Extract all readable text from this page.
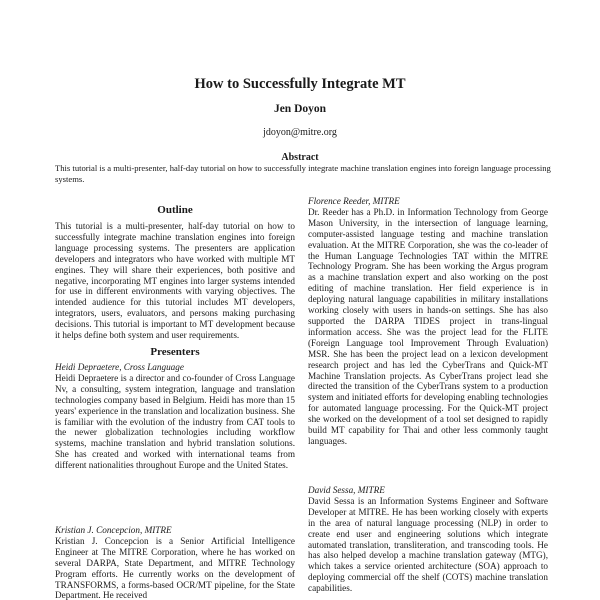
How to Successfully Integrate MT
Jen Doyon
jdoyon@mitre.org
Abstract
This tutorial is a multi-presenter, half-day tutorial on how to successfully integrate machine translation engines into foreign language processing systems.
Outline
This tutorial is a multi-presenter, half-day tutorial on how to successfully integrate machine translation engines into foreign language processing systems. The presenters are application developers and integrators who have worked with multiple MT engines. They will share their experiences, both positive and negative, incorporating MT engines into larger systems intended for use in different environments with varying objectives. The intended audience for this tutorial includes MT developers, integrators, users, evaluators, and persons making purchasing decisions. This tutorial is important to MT development because it helps define both system and user requirements.
Presenters
Heidi Depraetere, Cross Language
Heidi Depraetere is a director and co-founder of Cross Language Nv, a consulting, system integration, language and translation technologies company based in Belgium. Heidi has more than 15 years' experience in the translation and localization business. She is familiar with the evolution of the industry from CAT tools to the newer globalization technologies including workflow systems, machine translation and hybrid translation solutions. She has created and worked with international teams from different nationalities throughout Europe and the United States.
Kristian J. Concepcion, MITRE
Kristian J. Concepcion is a Senior Artificial Intelligence Engineer at The MITRE Corporation, where he has worked on several DARPA, State Department, and MITRE Technology Program efforts. He currently works on the development of TRANSFORMS, a forms-based OCR/MT pipeline, for the State Department. He received
Florence Reeder, MITRE
Dr. Reeder has a Ph.D. in Information Technology from George Mason University, in the intersection of language learning, computer-assisted language testing and machine translation evaluation. At the MITRE Corporation, she was the co-leader of the Human Language Technologies TAT within the MITRE Technology Program. She has been working the Argus program as a machine translation expert and also working on the post editing of machine translation. Her field experience is in deploying natural language capabilities in military installations working closely with users in hands-on settings. She has also supported the DARPA TIDES project in trans-lingual information access. She was the project lead for the FLITE (Foreign Language tool Improvement Through Evaluation) MSR. She has been the project lead on a lexicon development research project and has led the CyberTrans and Quick-MT Machine Translation projects. As CyberTrans project lead she directed the transition of the CyberTrans system to a production system and initiated efforts for developing enabling technologies for automated language processing. For the Quick-MT project she worked on the development of a tool set designed to rapidly build MT capability for Thai and other less commonly taught languages.
David Sessa, MITRE
David Sessa is an Information Systems Engineer and Software Developer at MITRE. He has been working closely with experts in the area of natural language processing (NLP) in order to create end user and engineering solutions which integrate automated translation, transliteration, and transcoding tools. He has also helped develop a machine translation gateway (MTG), which takes a service oriented architecture (SOA) approach to deploying commercial off the shelf (COTS) machine translation capabilities.
